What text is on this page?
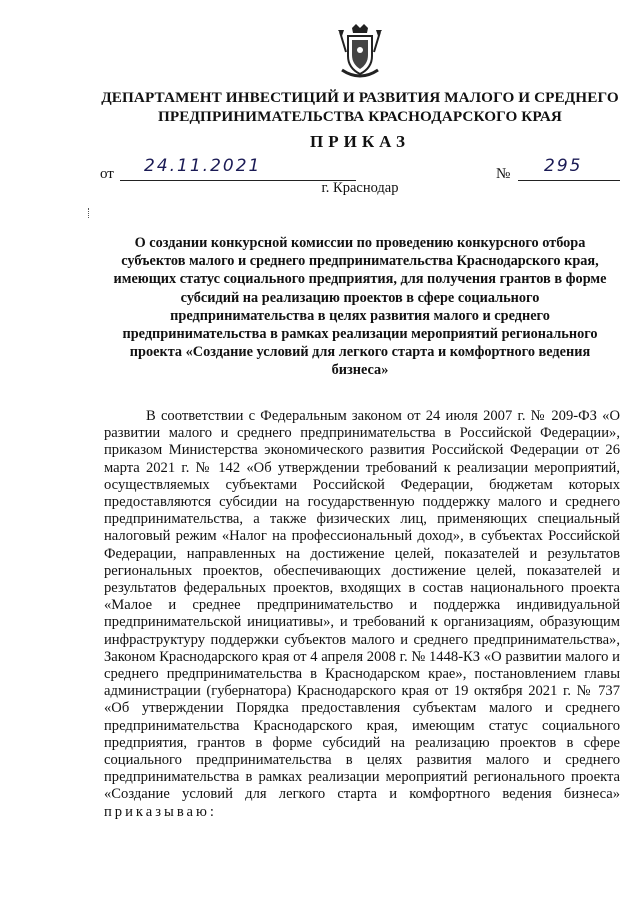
ДЕПАРТАМЕНТ ИНВЕСТИЦИЙ И РАЗВИТИЯ МАЛОГО И СРЕДНЕГО ПРЕДПРИНИМАТЕЛЬСТВА КРАСНОДАРСКОГО КРАЯ
ПРИКАЗ
от 24.11.2021	№ 295
г. Краснодар
О создании конкурсной комиссии по проведению конкурсного отбора субъектов малого и среднего предпринимательства Краснодарского края, имеющих статус социального предприятия, для получения грантов в форме субсидий на реализацию проектов в сфере социального предпринимательства в целях развития малого и среднего предпринимательства в рамках реализации мероприятий регионального проекта «Создание условий для легкого старта и комфортного ведения бизнеса»
В соответствии с Федеральным законом от 24 июля 2007 г. № 209-ФЗ «О развитии малого и среднего предпринимательства в Российской Федерации», приказом Министерства экономического развития Российской Федерации от 26 марта 2021 г. № 142 «Об утверждении требований к реализации мероприятий, осуществляемых субъектами Российской Федерации, бюджетам которых предоставляются субсидии на государственную поддержку малого и среднего предпринимательства, а также физических лиц, применяющих специальный налоговый режим «Налог на профессиональный доход», в субъектах Российской Федерации, направленных на достижение целей, показателей и результатов региональных проектов, обеспечивающих достижение целей, показателей и результатов федеральных проектов, входящих в состав национального проекта «Малое и среднее предпринимательство и поддержка индивидуальной предпринимательской инициативы», и требований к организациям, образующим инфраструктуру поддержки субъектов малого и среднего предпринимательства», Законом Краснодарского края от 4 апреля 2008 г. № 1448-КЗ «О развитии малого и среднего предпринимательства в Краснодарском крае», постановлением главы администрации (губернатора) Краснодарского края от 19 октября 2021 г. № 737 «Об утверждении Порядка предоставления субъектам малого и среднего предпринимательства Краснодарского края, имеющим статус социального предприятия, грантов в форме субсидий на реализацию проектов в сфере социального предпринимательства в целях развития малого и среднего предпринимательства в рамках реализации мероприятий регионального проекта «Создание условий для легкого старта и комфортного ведения бизнеса» приказываю:
